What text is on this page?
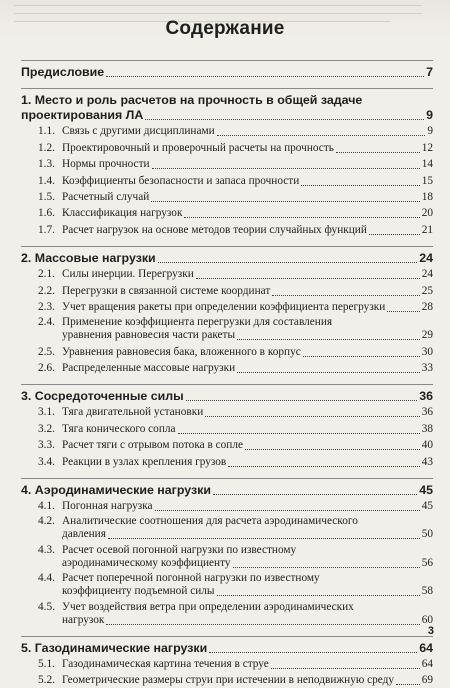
Содержание
Предисловие	7
1. Место и роль расчетов на прочность в общей задаче
проектирования ЛА	9
1.1. Связь с другими дисциплинами	9
1.2. Проектировочный и проверочный расчеты на прочность	12
1.3. Нормы прочности	14
1.4. Коэффициенты безопасности и запаса прочности	15
1.5. Расчетный случай	18
1.6. Классификация нагрузок	20
1.7. Расчет нагрузок на основе методов теории случайных функций	21
2. Массовые нагрузки	24
2.1. Силы инерции. Перегрузки	24
2.2. Перегрузки в связанной системе координат	25
2.3. Учет вращения ракеты при определении коэффициента перегрузки	28
2.4. Применение коэффициента перегрузки для составления
уравнения равновесия части ракеты	29
2.5. Уравнения равновесия бака, вложенного в корпус	30
2.6. Распределенные массовые нагрузки	33
3. Сосредоточенные силы	36
3.1. Тяга двигательной установки	36
3.2. Тяга конического сопла	38
3.3. Расчет тяги с отрывом потока в сопле	40
3.4. Реакции в узлах крепления грузов	43
4. Аэродинамические нагрузки	45
4.1. Погонная нагрузка	45
4.2. Аналитические соотношения для расчета аэродинамического
давления	50
4.3. Расчет осевой погонной нагрузки по известному
аэродинамическому коэффициенту	56
4.4. Расчет поперечной погонной нагрузки по известному
коэффициенту подъемной силы	58
4.5. Учет воздействия ветра при определении аэродинамических
нагрузок	60
5. Газодинамические нагрузки	64
5.1. Газодинамическая картина течения в струе	64
5.2. Геометрические размеры струи при истечении в неподвижную среду 69
3
